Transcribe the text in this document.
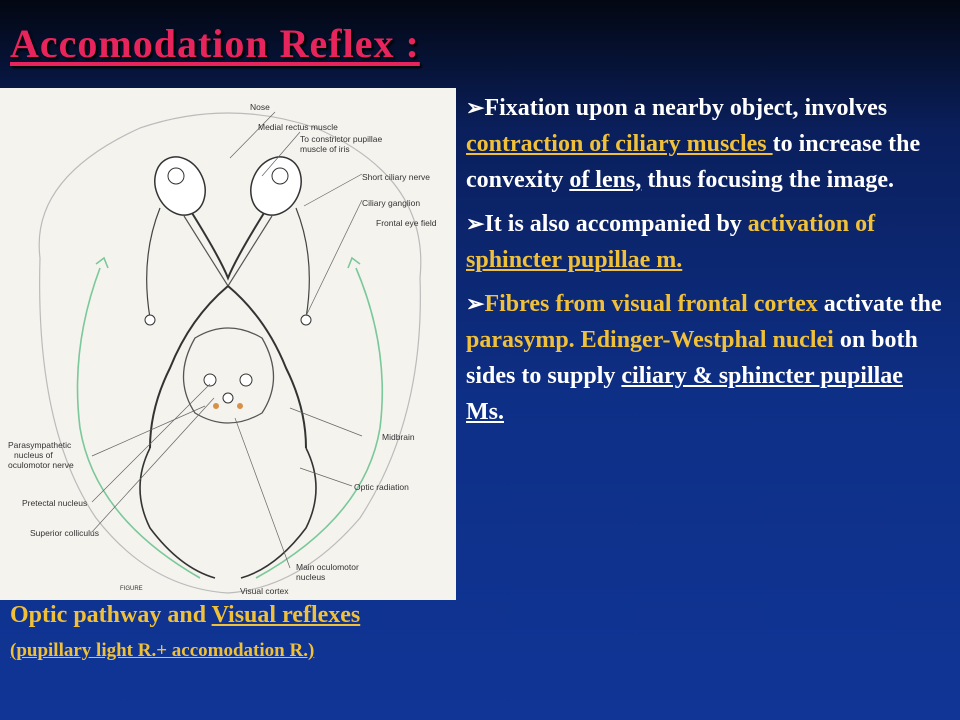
Accomodation Reflex :
Nose
Medial rectus muscle
To constrictor pupillae
muscle of iris
Short ciliary nerve
Ciliary ganglion
Frontal eye field
Midbrain
Optic radiation
Parasympathetic
nucleus of
oculomotor nerve
Pretectal nucleus
Superior colliculus
Main oculomotor
nucleus
Visual cortex
FIGURE
Optic pathway and Visual reflexes
(pupillary light R.+ accomodation R.)
➢Fixation upon a nearby object, involves contraction of ciliary muscles to increase the convexity of lens, thus focusing the image.
➢It is also accompanied by activation of sphincter pupillae m.
➢Fibres from visual frontal cortex activate the parasymp. Edinger-Westphal nuclei on both sides to supply ciliary & sphincter pupillae Ms.
